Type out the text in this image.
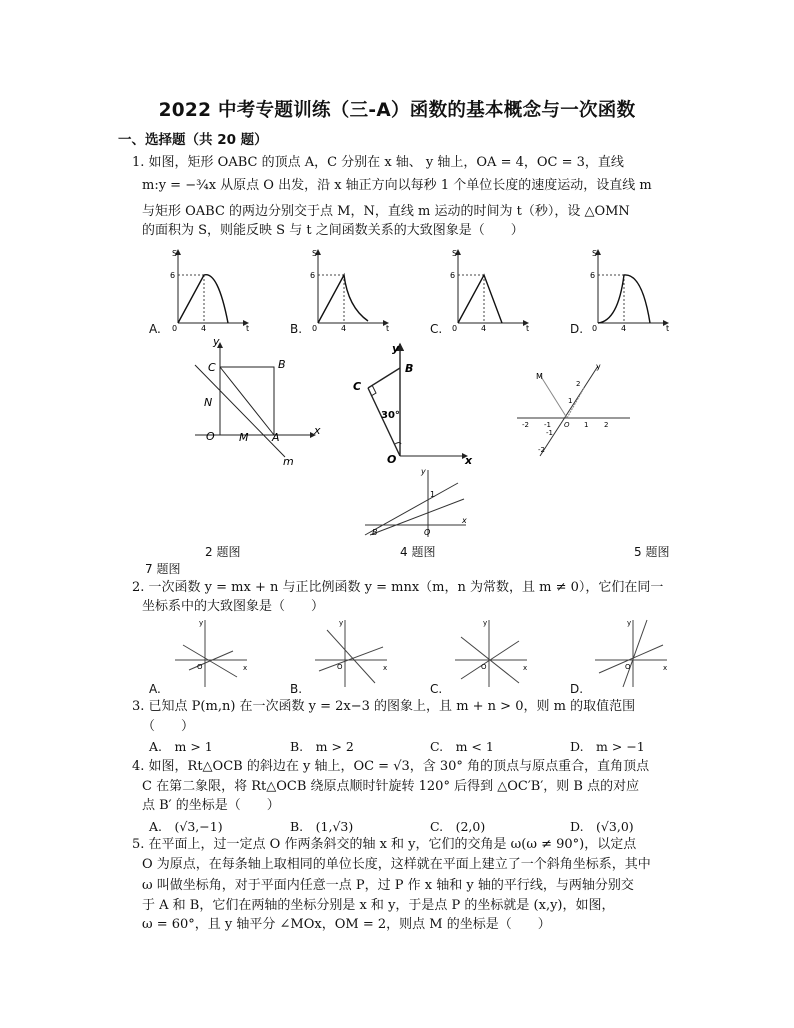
2022 中考专题训练（三-A）函数的基本概念与一次函数
一、选择题（共 20 题）
1. 如图，矩形 OABC 的顶点 A，C 分别在 x 轴、 y 轴上，OA = 4，OC = 3，直线
m:y = −¾x 从原点 O 出发，沿 x 轴正方向以每秒 1 个单位长度的速度运动，设直线 m
与矩形 OABC 的两边分别交于点 M，N，直线 m 运动的时间为 t（秒），设 △OMN
的面积为 S，则能反映 S 与 t 之间函数关系的大致图象是（　　）
S
6
0	4	t
S
6
0	4	t
S
6
0	4	t
S
6
0	4	t
A.	B.	C.	D.
y
C	B
N
O M A
x
m
y
B
C
30°
O	x
M
y
2
1
-2 -1 O 1 2
-1
-2
y
1
B	O
x
2 题图	4 题图	5 题图
7 题图
2. 一次函数 y = mx + n 与正比例函数 y = mnx（m，n 为常数，且 m ≠ 0），它们在同一
坐标系中的大致图象是（　　）
y
x
O
y
x
O
y
x
O
y
x
O
A.	B.	C.	D.
3. 已知点 P(m,n) 在一次函数 y = 2x−3 的图象上，且 m + n > 0，则 m 的取值范围
（　　）
A.　m > 1	B.　m > 2	C.　m < 1	D.　m > −1
4. 如图，Rt△OCB 的斜边在 y 轴上，OC = √3，含 30° 角的顶点与原点重合，直角顶点
C 在第二象限，将 Rt△OCB 绕原点顺时针旋转 120° 后得到 △OC′B′，则 B 点的对应
点 B′ 的坐标是（　　）
A.　(√3,−1)	B.　(1,√3)	C.　(2,0)	D.　(√3,0)
5. 在平面上，过一定点 O 作两条斜交的轴 x 和 y，它们的交角是 ω(ω ≠ 90°)，以定点
O 为原点，在每条轴上取相同的单位长度，这样就在平面上建立了一个斜角坐标系，其中
ω 叫做坐标角，对于平面内任意一点 P，过 P 作 x 轴和 y 轴的平行线，与两轴分别交
于 A 和 B，它们在两轴的坐标分别是 x 和 y，于是点 P 的坐标就是 (x,y)，如图，
ω = 60°，且 y 轴平分 ∠MOx，OM = 2，则点 M 的坐标是（　　）
